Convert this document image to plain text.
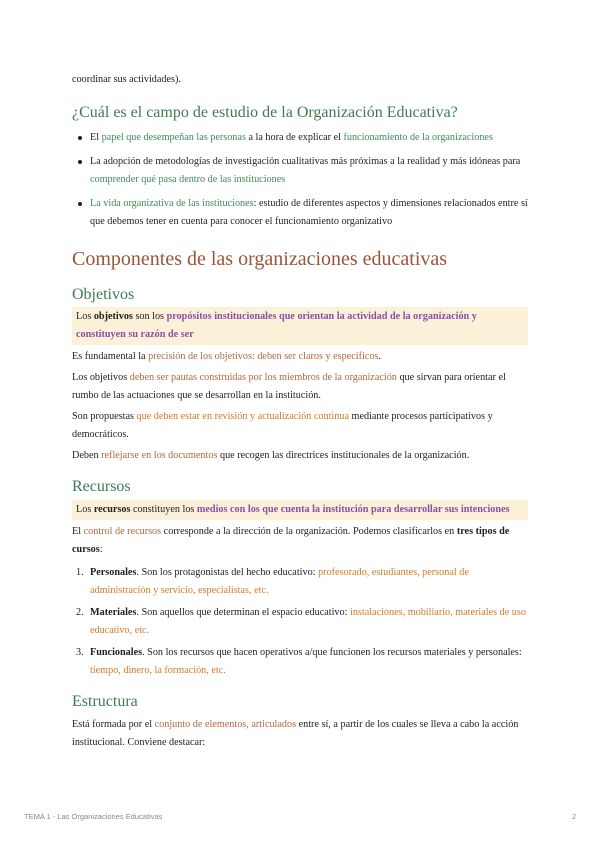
coordinar sus actividades).

¿Cuál es el campo de estudio de la Organización Educativa?
El papel que desempeñan las personas a la hora de explicar el funcionamiento de la organizaciones
La adopción de metodologías de investigación cualitativas más próximas a la realidad y más idóneas para comprender qué pasa dentro de las instituciones
La vida organizativa de las instituciones: estudio de diferentes aspectos y dimensiones relacionados entre sí que debemos tener en cuenta para conocer el funcionamiento organizativo
Componentes de las organizaciones educativas
Objetivos
Los objetivos son los propósitos institucionales que orientan la actividad de la organización y constituyen su razón de ser

Es fundamental la precisión de los objetivos: deben ser claros y específicos.

Los objetivos deben ser pautas construidas por los miembros de la organización que sirvan para orientar el rumbo de las actuaciones que se desarrollan en la institución.

Son propuestas que deben estar en revisión y actualización continua mediante procesos participativos y democráticos.

Deben reflejarse en los documentos que recogen las directrices institucionales de la organización.

Recursos
Los recursos constituyen los medios con los que cuenta la institución para desarrollar sus intenciones

El control de recursos corresponde a la dirección de la organización. Podemos clasificarlos en tres tipos de cursos:

1. Personales. Son los protagonistas del hecho educativo: profesorado, estudiantes, personal de administración y servicio, especialistas, etc.
2. Materiales. Son aquellos que determinan el espacio educativo: instalaciones, mobiliario, materiales de uso educativo, etc.
3. Funcionales. Son los recursos que hacen operativos a/que funcionen los recursos materiales y personales: tiempo, dinero, la formación, etc.
Estructura

Está formada por el conjunto de elementos, articulados entre sí, a partir de los cuales se lleva a cabo la acción institucional. Conviene destacar:

TEMA 1 - Las Organizaciones Educativas	2
